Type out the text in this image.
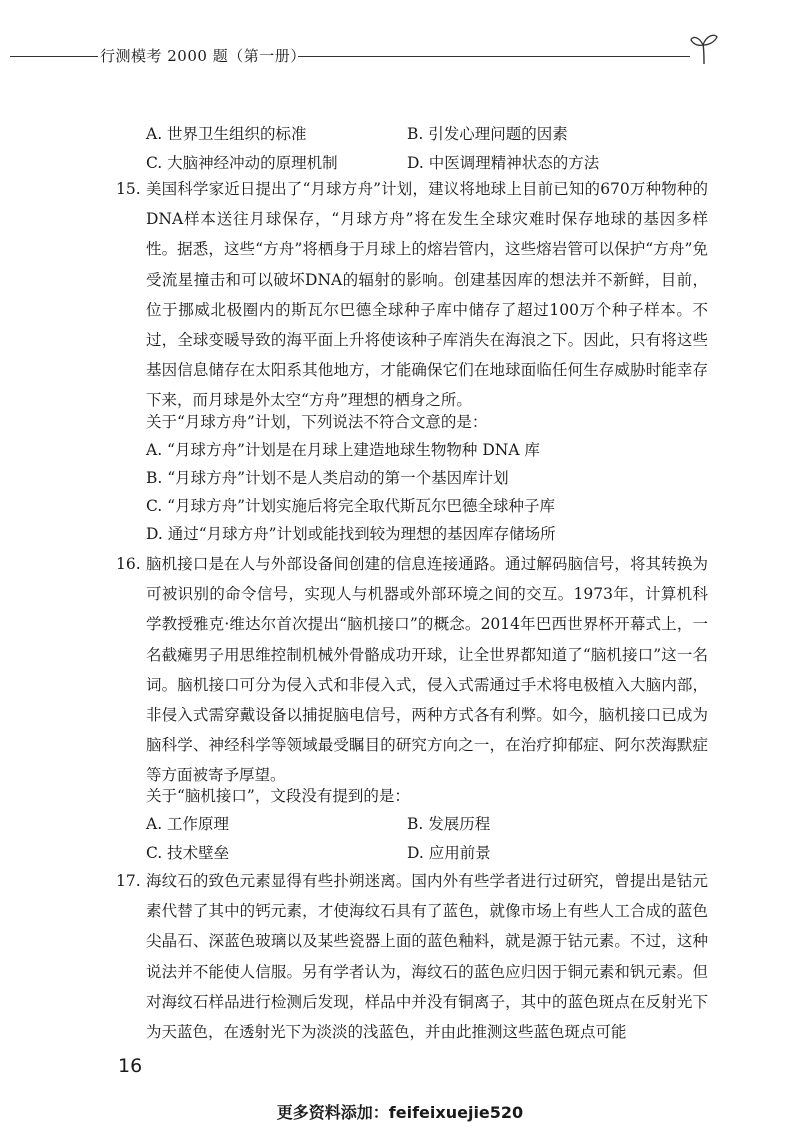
行测模考 2000 题（第一册）
A. 世界卫生组织的标准	B. 引发心理问题的因素
C. 大脑神经冲动的原理机制	D. 中医调理精神状态的方法
15. 美国科学家近日提出了“月球方舟”计划，建议将地球上目前已知的670万种物种的DNA样本送往月球保存，“月球方舟”将在发生全球灾难时保存地球的基因多样性。据悉，这些“方舟”将栖身于月球上的熔岩管内，这些熔岩管可以保护“方舟”免受流星撞击和可以破坏DNA的辐射的影响。创建基因库的想法并不新鲜，目前，位于挪威北极圈内的斯瓦尔巴德全球种子库中储存了超过100万个种子样本。不过，全球变暖导致的海平面上升将使该种子库消失在海浪之下。因此，只有将这些基因信息储存在太阳系其他地方，才能确保它们在地球面临任何生存威胁时能幸存下来，而月球是外太空“方舟”理想的栖身之所。
关于“月球方舟”计划，下列说法不符合文意的是：
A. “月球方舟”计划是在月球上建造地球生物物种 DNA 库
B. “月球方舟”计划不是人类启动的第一个基因库计划
C. “月球方舟”计划实施后将完全取代斯瓦尔巴德全球种子库
D. 通过“月球方舟”计划或能找到较为理想的基因库存储场所
16. 脑机接口是在人与外部设备间创建的信息连接通路。通过解码脑信号，将其转换为可被识别的命令信号，实现人与机器或外部环境之间的交互。1973年，计算机科学教授雅克·维达尔首次提出“脑机接口”的概念。2014年巴西世界杯开幕式上，一名截瘫男子用思维控制机械外骨骼成功开球，让全世界都知道了“脑机接口”这一名词。脑机接口可分为侵入式和非侵入式，侵入式需通过手术将电极植入大脑内部，非侵入式需穿戴设备以捕捉脑电信号，两种方式各有利弊。如今，脑机接口已成为脑科学、神经科学等领域最受瞩目的研究方向之一，在治疗抑郁症、阿尔茨海默症等方面被寄予厚望。
关于“脑机接口”，文段没有提到的是：
A. 工作原理	B. 发展历程
C. 技术壁垒	D. 应用前景
17. 海纹石的致色元素显得有些扑朔迷离。国内外有些学者进行过研究，曾提出是钴元素代替了其中的钙元素，才使海纹石具有了蓝色，就像市场上有些人工合成的蓝色尖晶石、深蓝色玻璃以及某些瓷器上面的蓝色釉料，就是源于钴元素。不过，这种说法并不能使人信服。另有学者认为，海纹石的蓝色应归因于铜元素和钒元素。但对海纹石样品进行检测后发现，样品中并没有铜离子，其中的蓝色斑点在反射光下为天蓝色，在透射光下为淡淡的浅蓝色，并由此推测这些蓝色斑点可能
16
更多资料添加：feifeixuejie520
